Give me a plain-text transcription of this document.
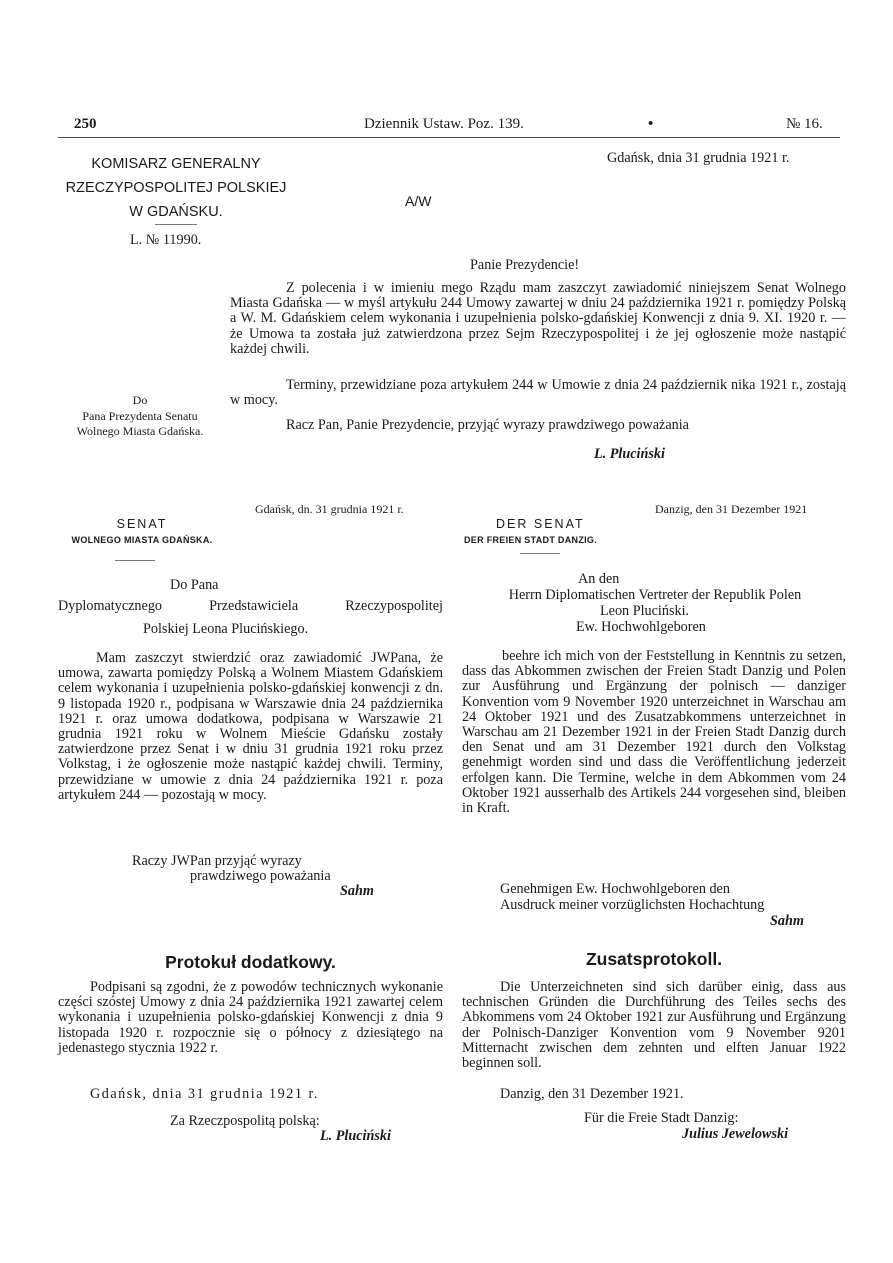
250	Dziennik Ustaw. Poz. 139.	•	№ 16.
KOMISARZ GENERALNY
RZECZYPOSPOLITEJ POLSKIEJ
W GDAŃSKU.
L. № 11990.
A/W
Gdańsk, dnia 31 grudnia 1921 r.
Panie Prezydencie!
Do
Pana Prezydenta Senatu
Wolnego Miasta Gdańska.

Z polecenia i w imieniu mego Rządu mam zaszczyt zawiadomić niniejszem Senat Wolnego Miasta Gdańska — w myśl artykułu 244 Umowy zawartej w dniu 24 października 1921 r. pomiędzy Polską a W. M. Gdańskiem celem wykonania i uzupełnienia polsko-gdańskiej Konwencji z dnia 9. XI. 1920 r. — że Umowa ta została już zatwierdzona przez Sejm Rzeczypospolitej i że jej ogłoszenie może nastąpić każdej chwili.

Terminy, przewidziane poza artykułem 244 w Umowie z dnia 24 październik nika 1921 r., zostają w mocy.

Racz Pan, Panie Prezydencie, przyjąć wyrazy prawdziwego poważania

L. Pluciński
Gdańsk, dn. 31 grudnia 1921 r.
SENAT
WOLNEGO MIASTA GDAŃSKA.
Do Pana
Dyplomatycznego Przedstawiciela Rzeczypospolitej
Polskiej Leona Plucińskiego.

Mam zaszczyt stwierdzić oraz zawiadomić JWPana, że umowa, zawarta pomiędzy Polską a Wolnem Miastem Gdańskiem celem wykonania i uzupełnienia polsko-gdańskiej konwencji z dn. 9 listopada 1920 r., podpisana w Warszawie dnia 24 października 1921 r. oraz umowa dodatkowa, podpisana w Warszawie 21 grudnia 1921 roku w Wolnem Mieście Gdańsku zostały zatwierdzone przez Senat i w dniu 31 grudnia 1921 roku przez Volkstag, i że ogłoszenie może nastąpić każdej chwili. Terminy, przewidziane w umowie z dnia 24 października 1921 r. poza artykułem 244 — pozostają w mocy.

Raczy JWPan przyjąć wyrazy
prawdziwego poważania
Sahm
Danzig, den 31 Dezember 1921
DER SENAT
DER FREIEN STADT DANZIG.
An den
Herrn Diplomatischen Vertreter der Republik Polen
Leon Pluciński.
Ew. Hochwohlgeboren

beehre ich mich von der Feststellung in Kenntnis zu setzen, dass das Abkommen zwischen der Freien Stadt Danzig und Polen zur Ausführung und Ergänzung der polnisch — danziger Konvention vom 9 November 1920 unterzeichnet in Warschau am 24 Oktober 1921 und des Zusatzabkommens unterzeichnet in Warschau am 21 Dezember 1921 in der Freien Stadt Danzig durch den Senat und am 31 Dezember 1921 durch den Volkstag genehmigt worden sind und dass die Veröffentlichung jederzeit erfolgen kann. Die Termine, welche in dem Abkommen vom 24 Oktober 1921 ausserhalb des Artikels 244 vorgesehen sind, bleiben in Kraft.

Genehmigen Ew. Hochwohlgeboren den
Ausdruck meiner vorzüglichsten Hochachtung
Sahm
Protokuł dodatkowy.

Podpisani są zgodni, że z powodów technicznych wykonanie części szóstej Umowy z dnia 24 października 1921 zawartej celem wykonania i uzupełnienia polsko-gdańskiej Konwencji z dnia 9 listopada 1920 r. rozpocznie się o północy z dziesiątego na jedenastego stycznia 1922 r.

Gdańsk, dnia 31 grudnia 1921 r.
Za Rzeczpospolitą polską:
L. Pluciński
Zusatsprotokoll.

Die Unterzeichneten sind sich darüber einig, dass aus technischen Gründen die Durchführung des Teiles sechs des Abkommens vom 24 Oktober 1921 zur Ausführung und Ergänzung der Polnisch-Danziger Konvention vom 9 November 9201 Mitternacht zwischen dem zehnten und elften Januar 1922 beginnen soll.

Danzig, den 31 Dezember 1921.
Für die Freie Stadt Danzig:
Julius Jewelowski
